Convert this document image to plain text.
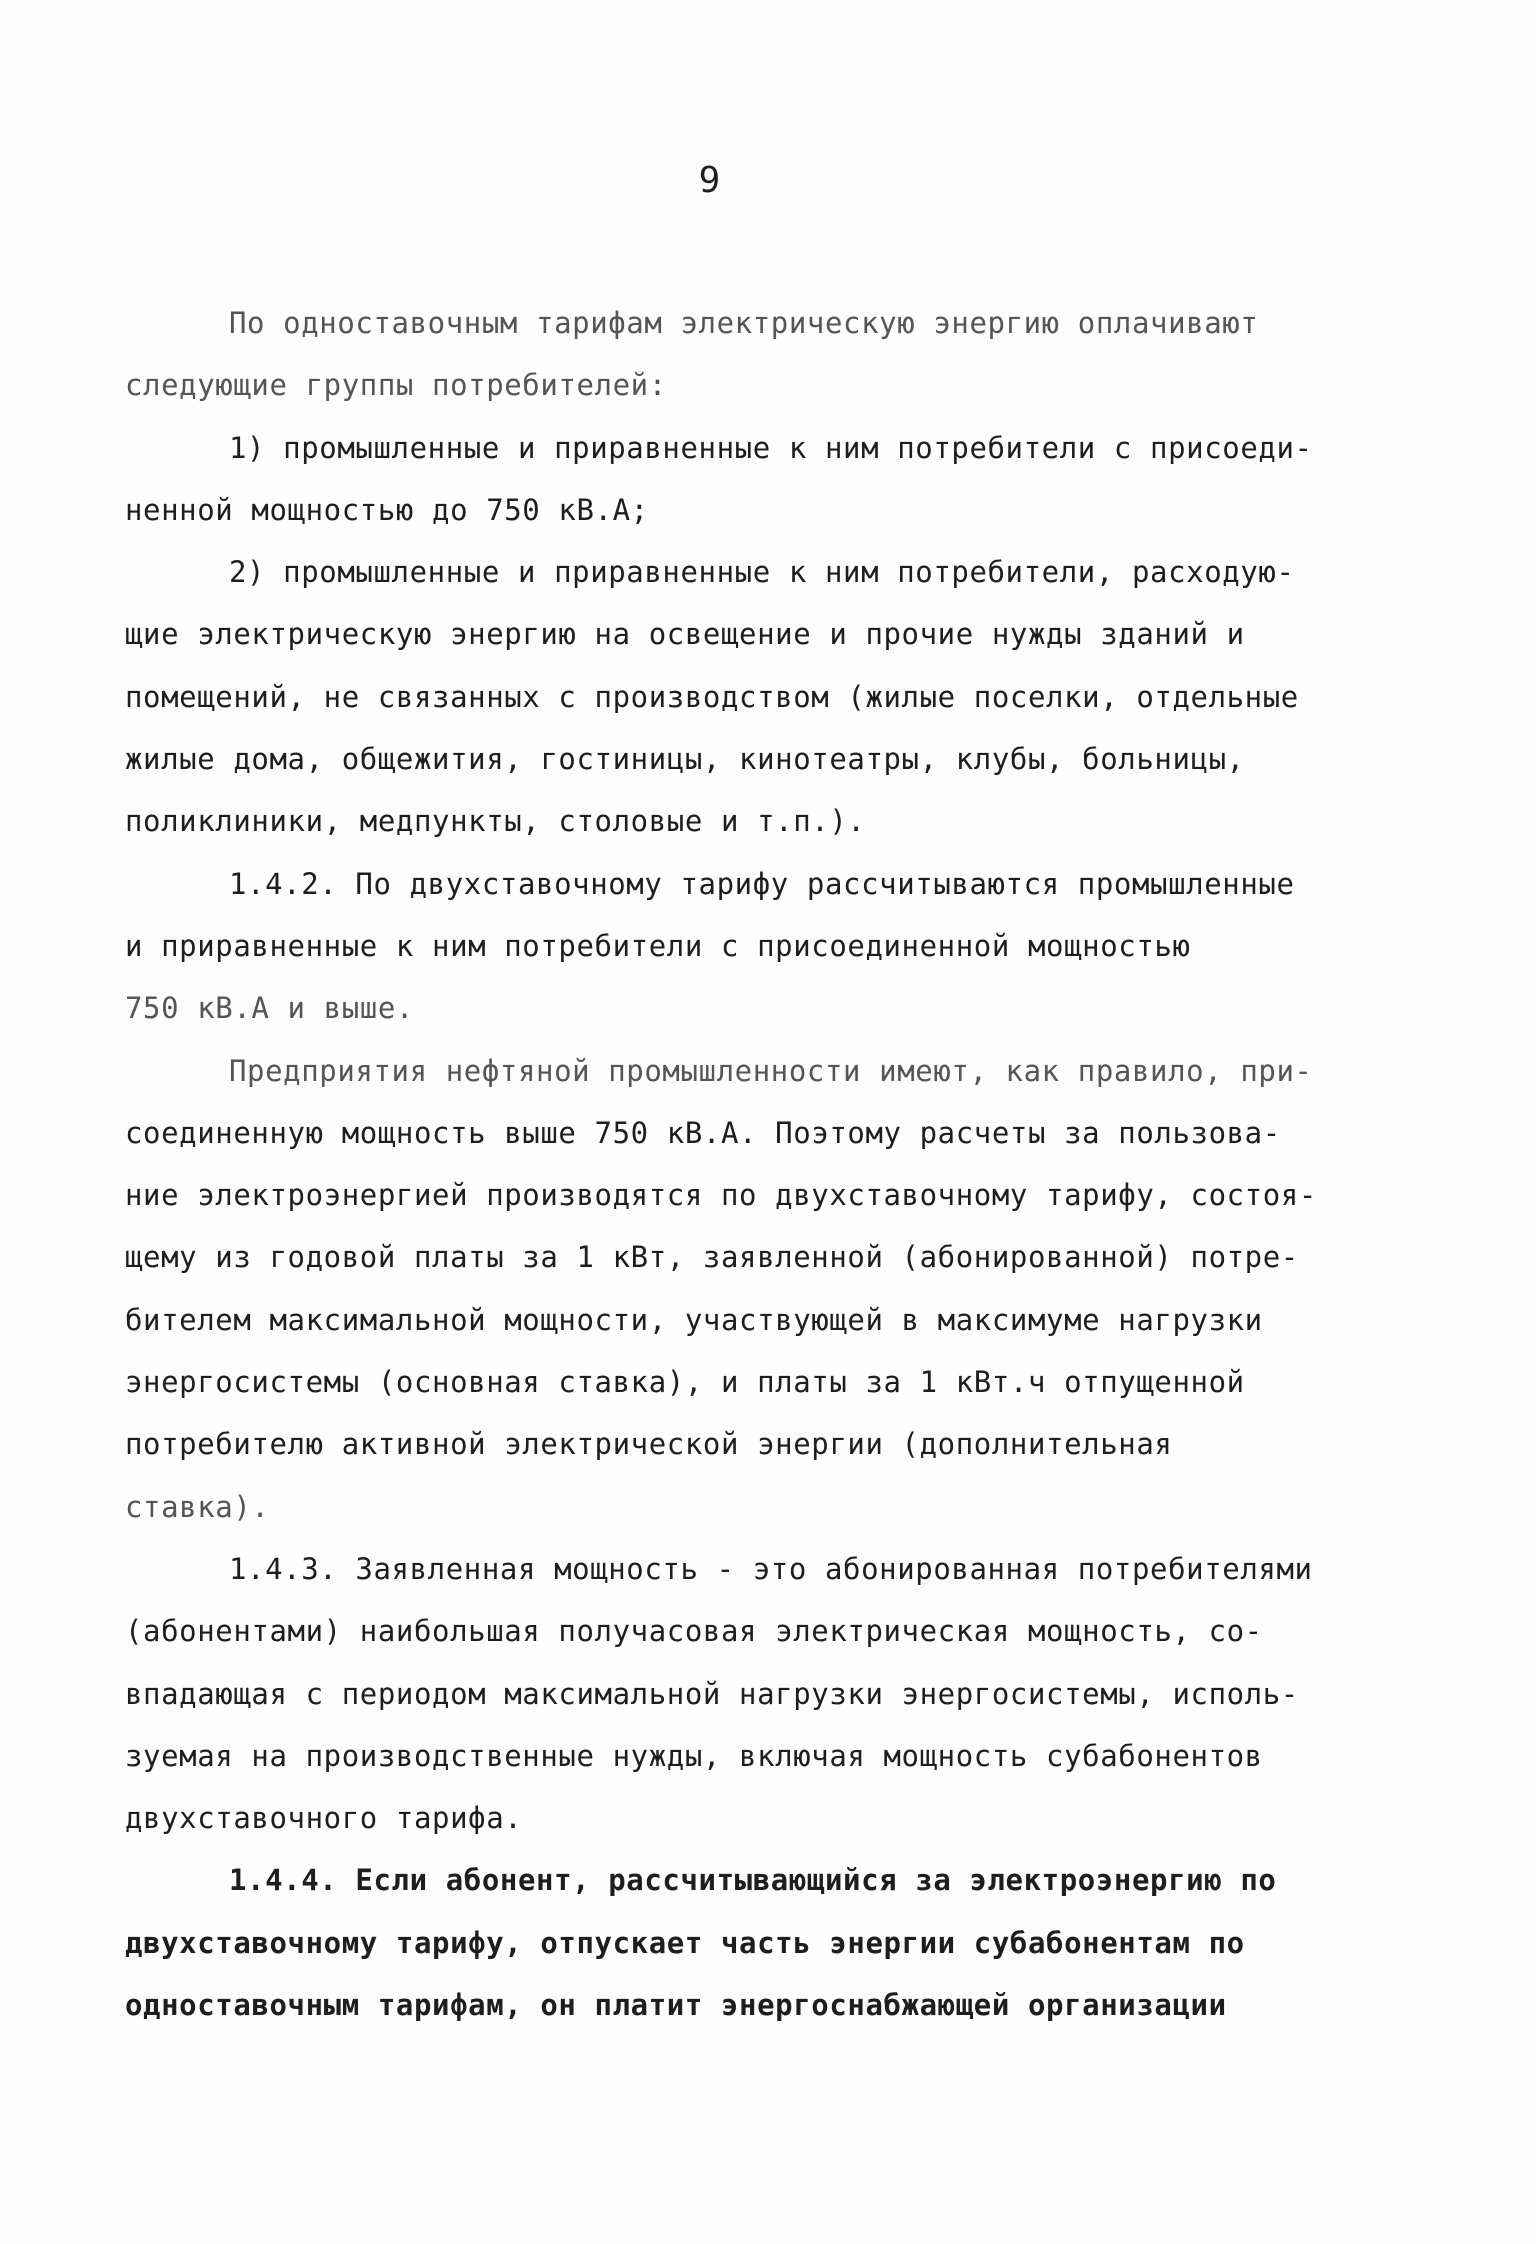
9
По одноставочным тарифам электрическую энергию оплачивают
следующие группы потребителей:
1) промышленные и приравненные к ним потребители с присоеди-
ненной мощностью до 750 кВ.А;
2) промышленные и приравненные к ним потребители, расходую-
щие электрическую энергию на освещение и прочие нужды зданий и
помещений, не связанных с производством (жилые поселки, отдельные
жилые дома, общежития, гостиницы, кинотеатры, клубы, больницы,
поликлиники, медпункты, столовые и т.п.).
1.4.2. По двухставочному тарифу рассчитываются промышленные
и приравненные к ним потребители с присоединенной мощностью
750 кВ.А и выше.
Предприятия нефтяной промышленности имеют, как правило, при-
соединенную мощность выше 750 кВ.А. Поэтому расчеты за пользова-
ние электроэнергией производятся по двухставочному тарифу, состоя-
щему из годовой платы за 1 кВт, заявленной (абонированной) потре-
бителем максимальной мощности, участвующей в максимуме нагрузки
энергосистемы (основная ставка), и платы за 1 кВт.ч отпущенной
потребителю активной электрической энергии (дополнительная
ставка).
1.4.3. Заявленная мощность - это абонированная потребителями
(абонентами) наибольшая получасовая электрическая мощность, со-
впадающая с периодом максимальной нагрузки энергосистемы, исполь-
зуемая на производственные нужды, включая мощность субабонентов
двухставочного тарифа.
1.4.4. Если абонент, рассчитывающийся за электроэнергию по
двухставочному тарифу, отпускает часть энергии субабонентам по
одноставочным тарифам, он платит энергоснабжающей организации
